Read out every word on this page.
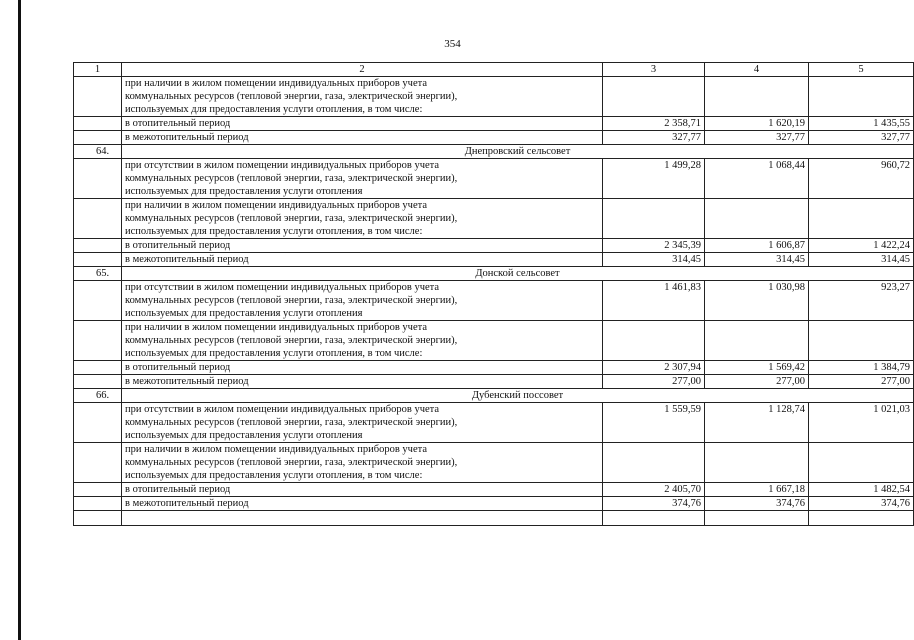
354
1	2	3	4	5
	при наличии в жилом помещении индивидуальных приборов учета
коммунальных ресурсов (тепловой энергии, газа, электрической энергии),
используемых для предоставления услуги отопления, в том числе:			
	в отопительный период	2 358,71	1 620,19	1 435,55
	в межотопительный период	327,77	327,77	327,77
64.	Днепровский сельсовет			
	при отсутствии в жилом помещении индивидуальных приборов учета
коммунальных ресурсов (тепловой энергии, газа, электрической энергии),
используемых для предоставления услуги отопления	1 499,28	1 068,44	960,72
	при наличии в жилом помещении индивидуальных приборов учета
коммунальных ресурсов (тепловой энергии, газа, электрической энергии),
используемых для предоставления услуги отопления, в том числе:			
	в отопительный период	2 345,39	1 606,87	1 422,24
	в межотопительный период	314,45	314,45	314,45
65.	Донской сельсовет			
	при отсутствии в жилом помещении индивидуальных приборов учета
коммунальных ресурсов (тепловой энергии, газа, электрической энергии),
используемых для предоставления услуги отопления	1 461,83	1 030,98	923,27
	при наличии в жилом помещении индивидуальных приборов учета
коммунальных ресурсов (тепловой энергии, газа, электрической энергии),
используемых для предоставления услуги отопления, в том числе:			
	в отопительный период	2 307,94	1 569,42	1 384,79
	в межотопительный период	277,00	277,00	277,00
66.	Дубенский поссовет			
	при отсутствии в жилом помещении индивидуальных приборов учета
коммунальных ресурсов (тепловой энергии, газа, электрической энергии),
используемых для предоставления услуги отопления	1 559,59	1 128,74	1 021,03
	при наличии в жилом помещении индивидуальных приборов учета
коммунальных ресурсов (тепловой энергии, газа, электрической энергии),
используемых для предоставления услуги отопления, в том числе:			
	в отопительный период	2 405,70	1 667,18	1 482,54
	в межотопительный период	374,76	374,76	374,76
